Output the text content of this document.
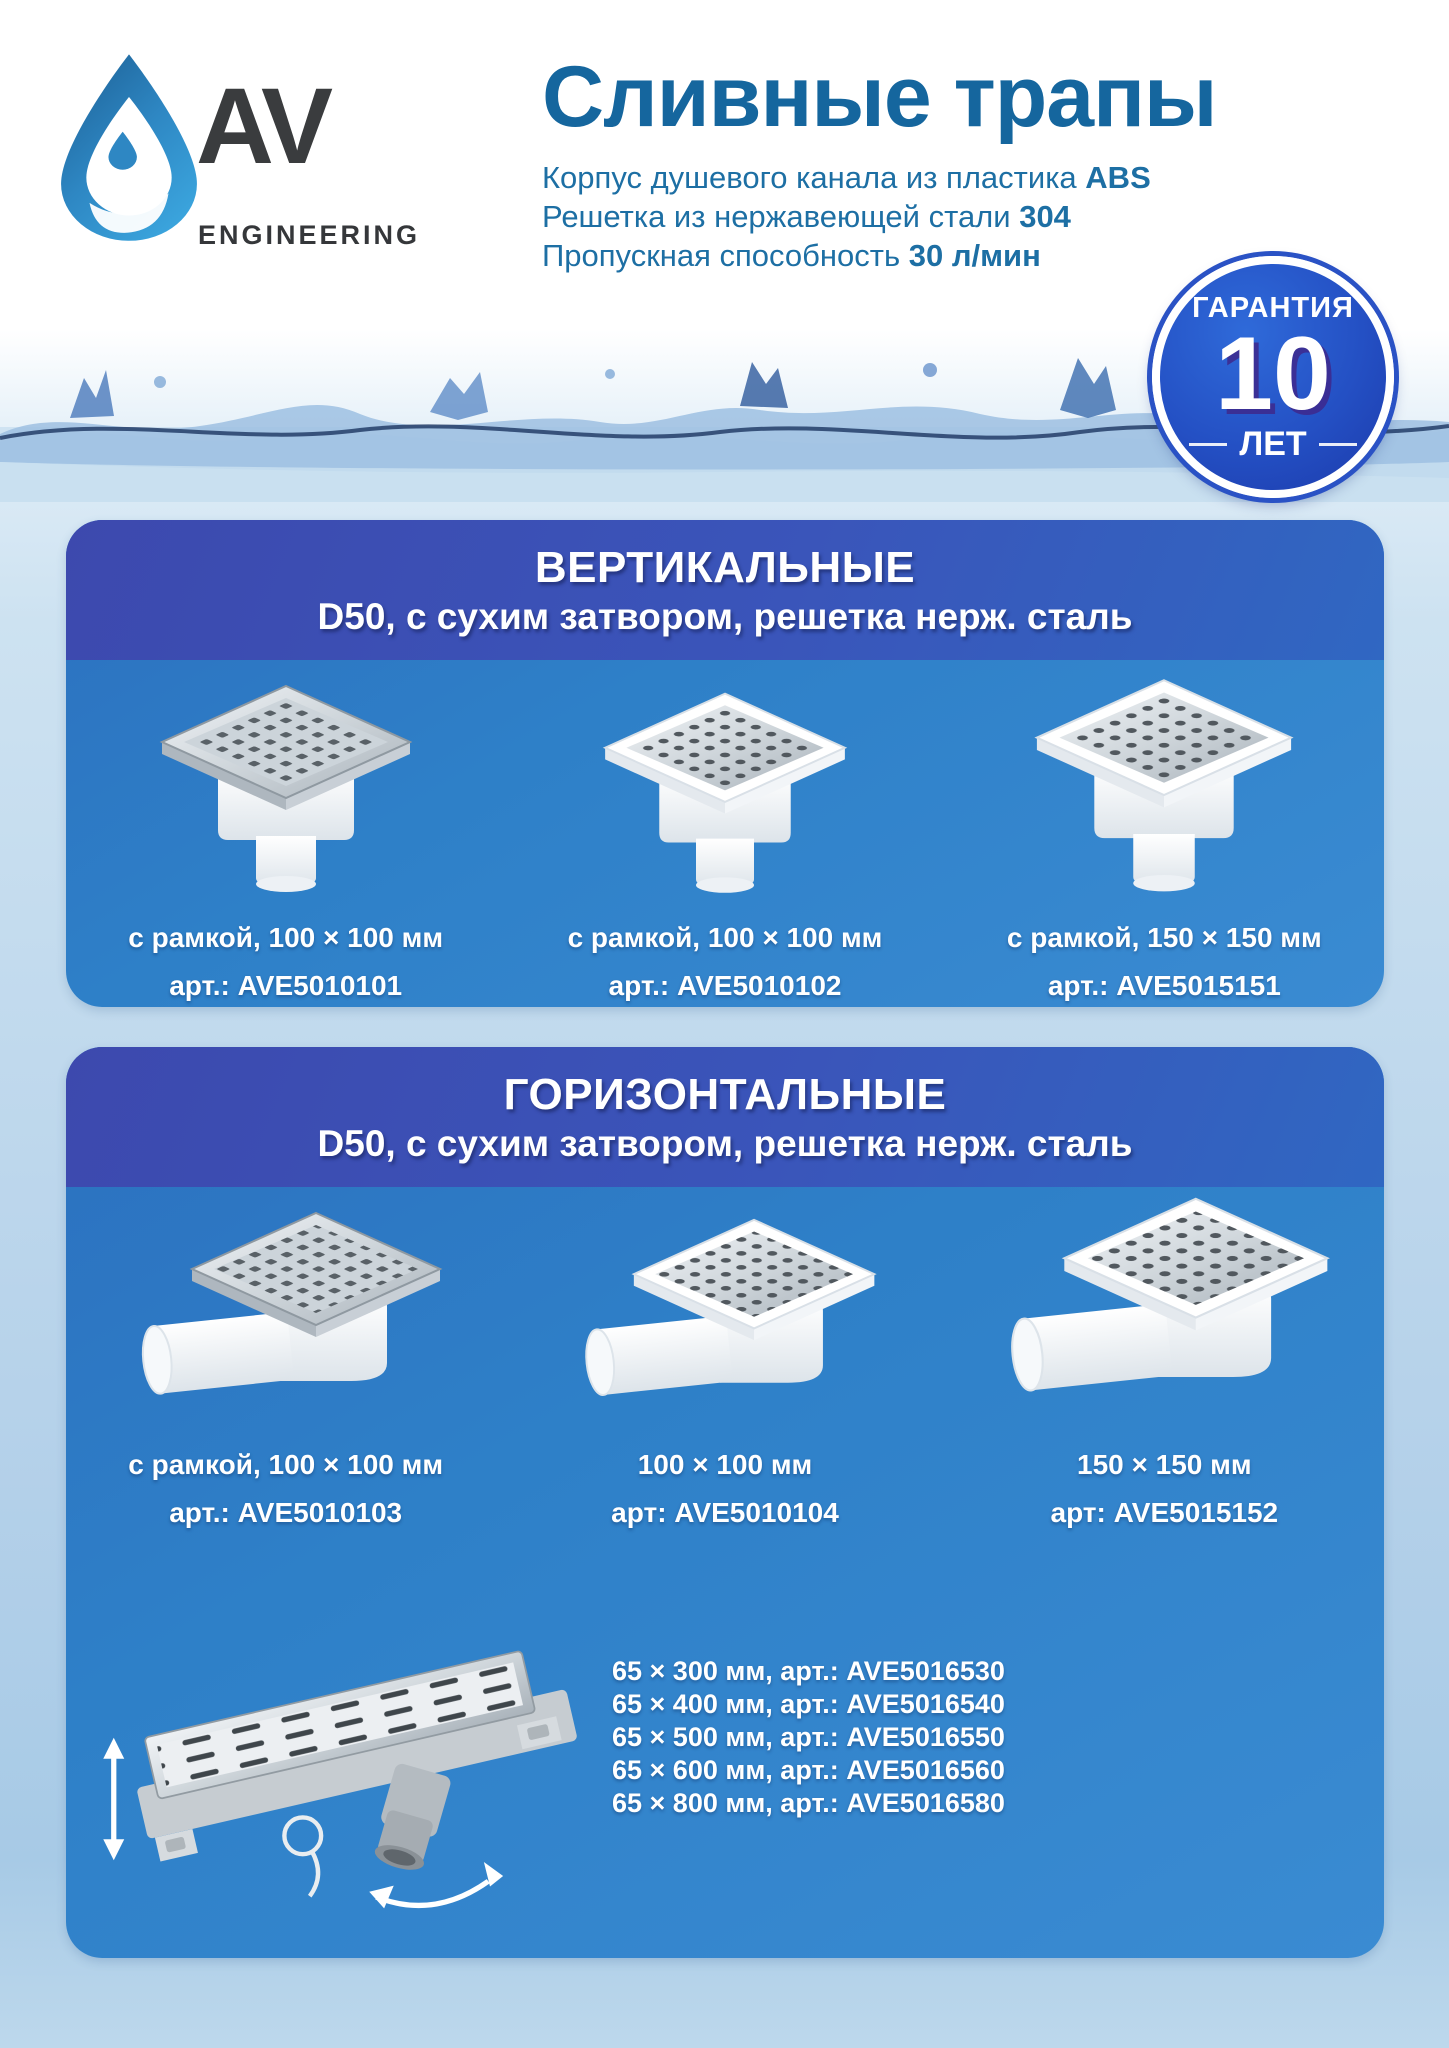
AV
ENGINEERING
Сливные трапы
Корпус душевого канала из пластика ABS
Решетка из нержавеющей стали 304
Пропускная способность 30 л/мин
ГАРАНТИЯ
10
ЛЕТ
ВЕРТИКАЛЬНЫЕ

D50, с сухим затвором, решетка нерж. сталь

с рамкой, 100 × 100 мм
арт.: AVE5010101
с рамкой, 100 × 100 мм
арт.: AVE5010102
с рамкой, 150 × 150 мм
арт.: AVE5015151
ГОРИЗОНТАЛЬНЫЕ

D50, с сухим затвором, решетка нерж. сталь

с рамкой, 100 × 100 мм
арт.: AVE5010103
100 × 100 мм
арт: AVE5010104
150 × 150 мм
арт: AVE5015152
65 × 300 мм, арт.: AVE5016530
65 × 400 мм, арт.: AVE5016540
65 × 500 мм, арт.: AVE5016550
65 × 600 мм, арт.: AVE5016560
65 × 800 мм, арт.: AVE5016580
